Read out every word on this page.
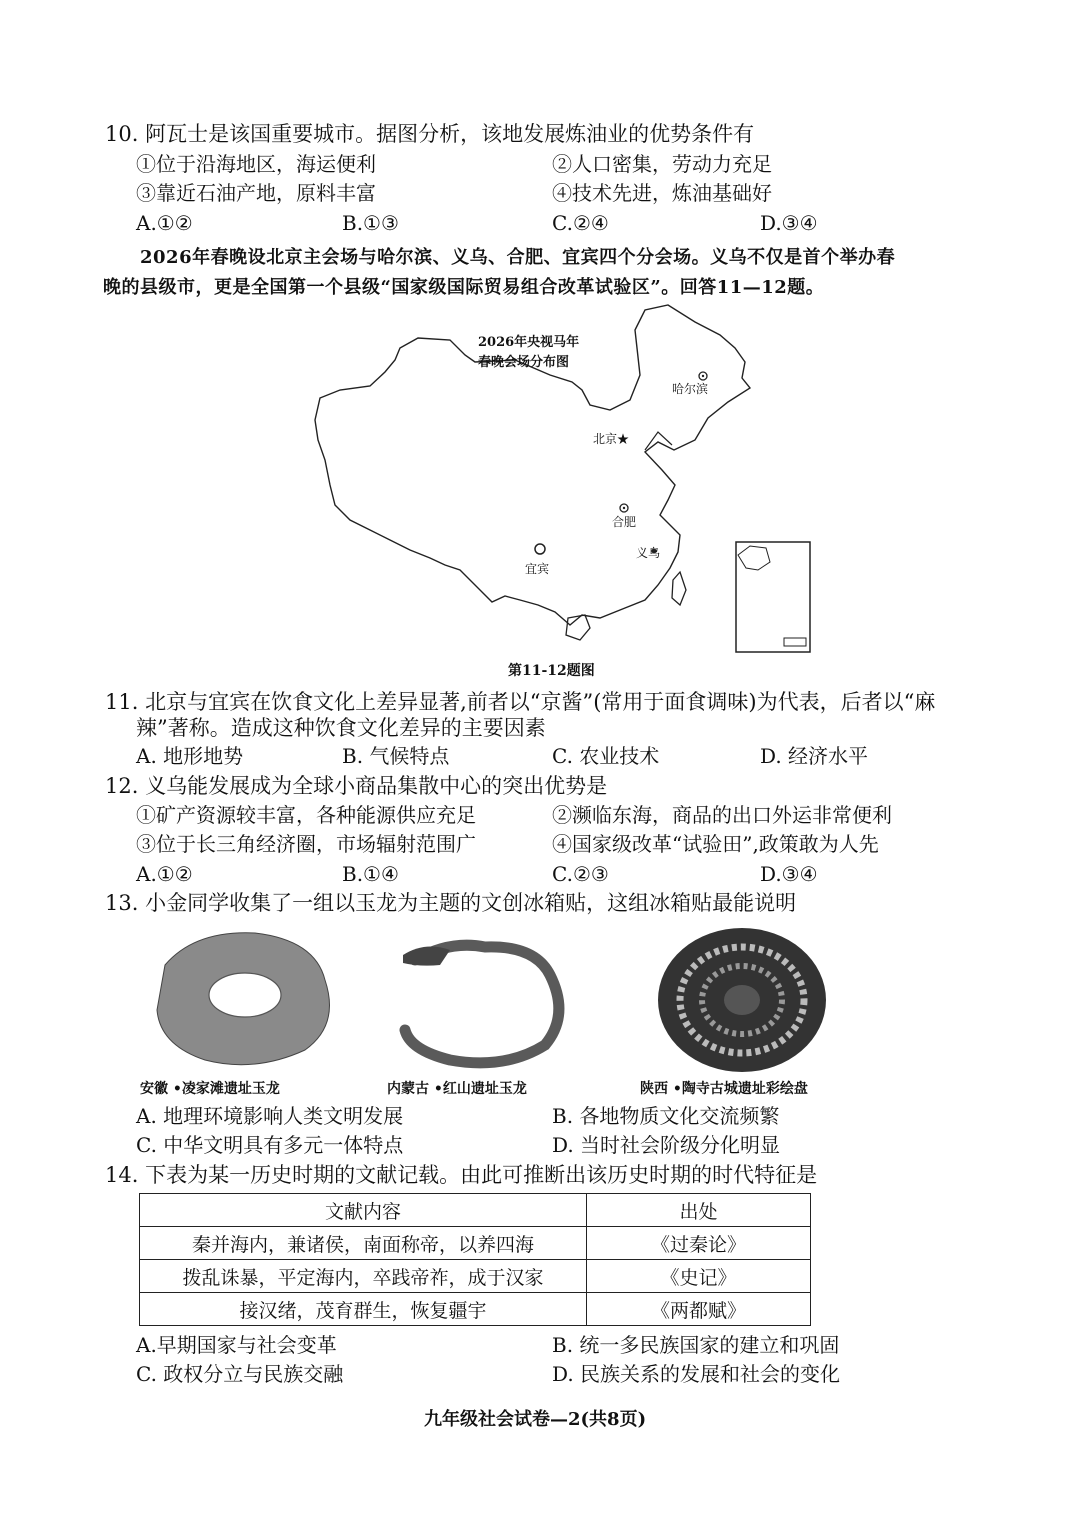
10. 阿瓦士是该国重要城市。据图分析，该地发展炼油业的优势条件有
①位于沿海地区，海运便利	②人口密集，劳动力充足
③靠近石油产地，原料丰富	④技术先进，炼油基础好
A.①②	B.①③	C.②④	D.③④
2026年春晚设北京主会场与哈尔滨、义乌、合肥、宜宾四个分会场。义乌不仅是首个举办春
晚的县级市，更是全国第一个县级“国家级国际贸易组合改革试验区”。回答11—12题。
2026年央视马年
春晚会场分布图
哈尔滨
北京★
合肥
义乌
宜宾
第11-12题图
11. 北京与宜宾在饮食文化上差异显著,前者以“京酱”(常用于面食调味)为代表，后者以“麻
辣”著称。造成这种饮食文化差异的主要因素
A. 地形地势	B. 气候特点	C. 农业技术	D. 经济水平
12. 义乌能发展成为全球小商品集散中心的突出优势是
①矿产资源较丰富，各种能源供应充足	②濒临东海，商品的出口外运非常便利
③位于长三角经济圈，市场辐射范围广	④国家级改革“试验田”,政策敢为人先
A.①②	B.①④	C.②③	D.③④
13. 小金同学收集了一组以玉龙为主题的文创冰箱贴，这组冰箱贴最能说明
安徽 •凌家滩遗址玉龙	内蒙古 •红山遗址玉龙	陕西 •陶寺古城遗址彩绘盘
A. 地理环境影响人类文明发展	B. 各地物质文化交流频繁
C. 中华文明具有多元一体特点	D. 当时社会阶级分化明显
14. 下表为某一历史时期的文献记载。由此可推断出该历史时期的时代特征是
文献内容	出处
秦并海内，兼诸侯，南面称帝，以养四海	《过秦论》
拨乱诛暴，平定海内，卒践帝祚，成于汉家	《史记》
接汉绪，茂育群生，恢复疆宇	《两都赋》
A.早期国家与社会变革	B. 统一多民族国家的建立和巩固
C. 政权分立与民族交融	D. 民族关系的发展和社会的变化
九年级社会试卷—2(共8页)
